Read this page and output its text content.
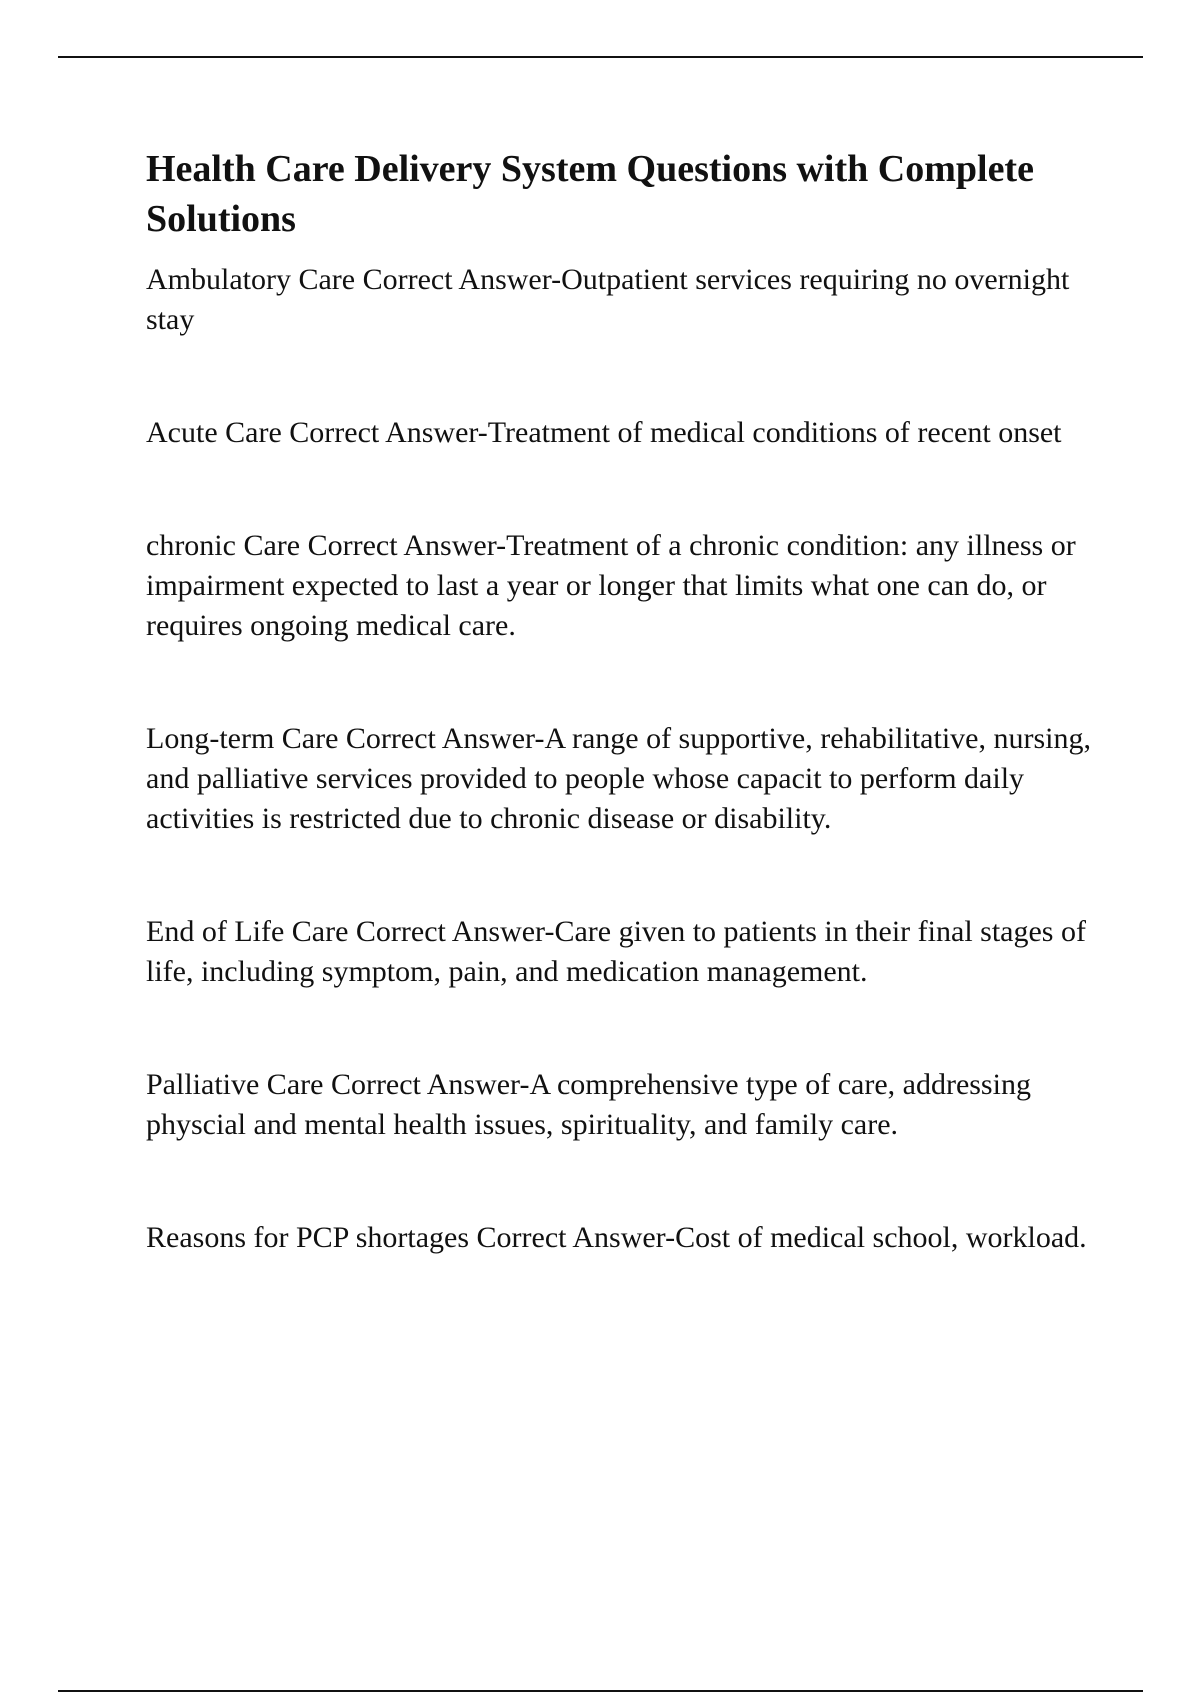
Health Care Delivery System Questions with Complete Solutions
Ambulatory Care Correct Answer - Outpatient services requiring no overnight stay
Acute Care Correct Answer - Treatment of medical conditions of recent onset
chronic Care Correct Answer - Treatment of a chronic condition: any illness or impairment expected to last a year or longer that limits what one can do, or requires ongoing medical care.
Long-term Care Correct Answer - A range of supportive, rehabilitative, nursing, and palliative services provided to people whose capacit to perform daily activities is restricted due to chronic disease or disability.
End of Life Care Correct Answer - Care given to patients in their final stages of life, including symptom, pain, and medication management.
Palliative Care Correct Answer - A comprehensive type of care, addressing physcial and mental health issues, spirituality, and family care.
Reasons for PCP shortages Correct Answer - Cost of medical school, workload.
